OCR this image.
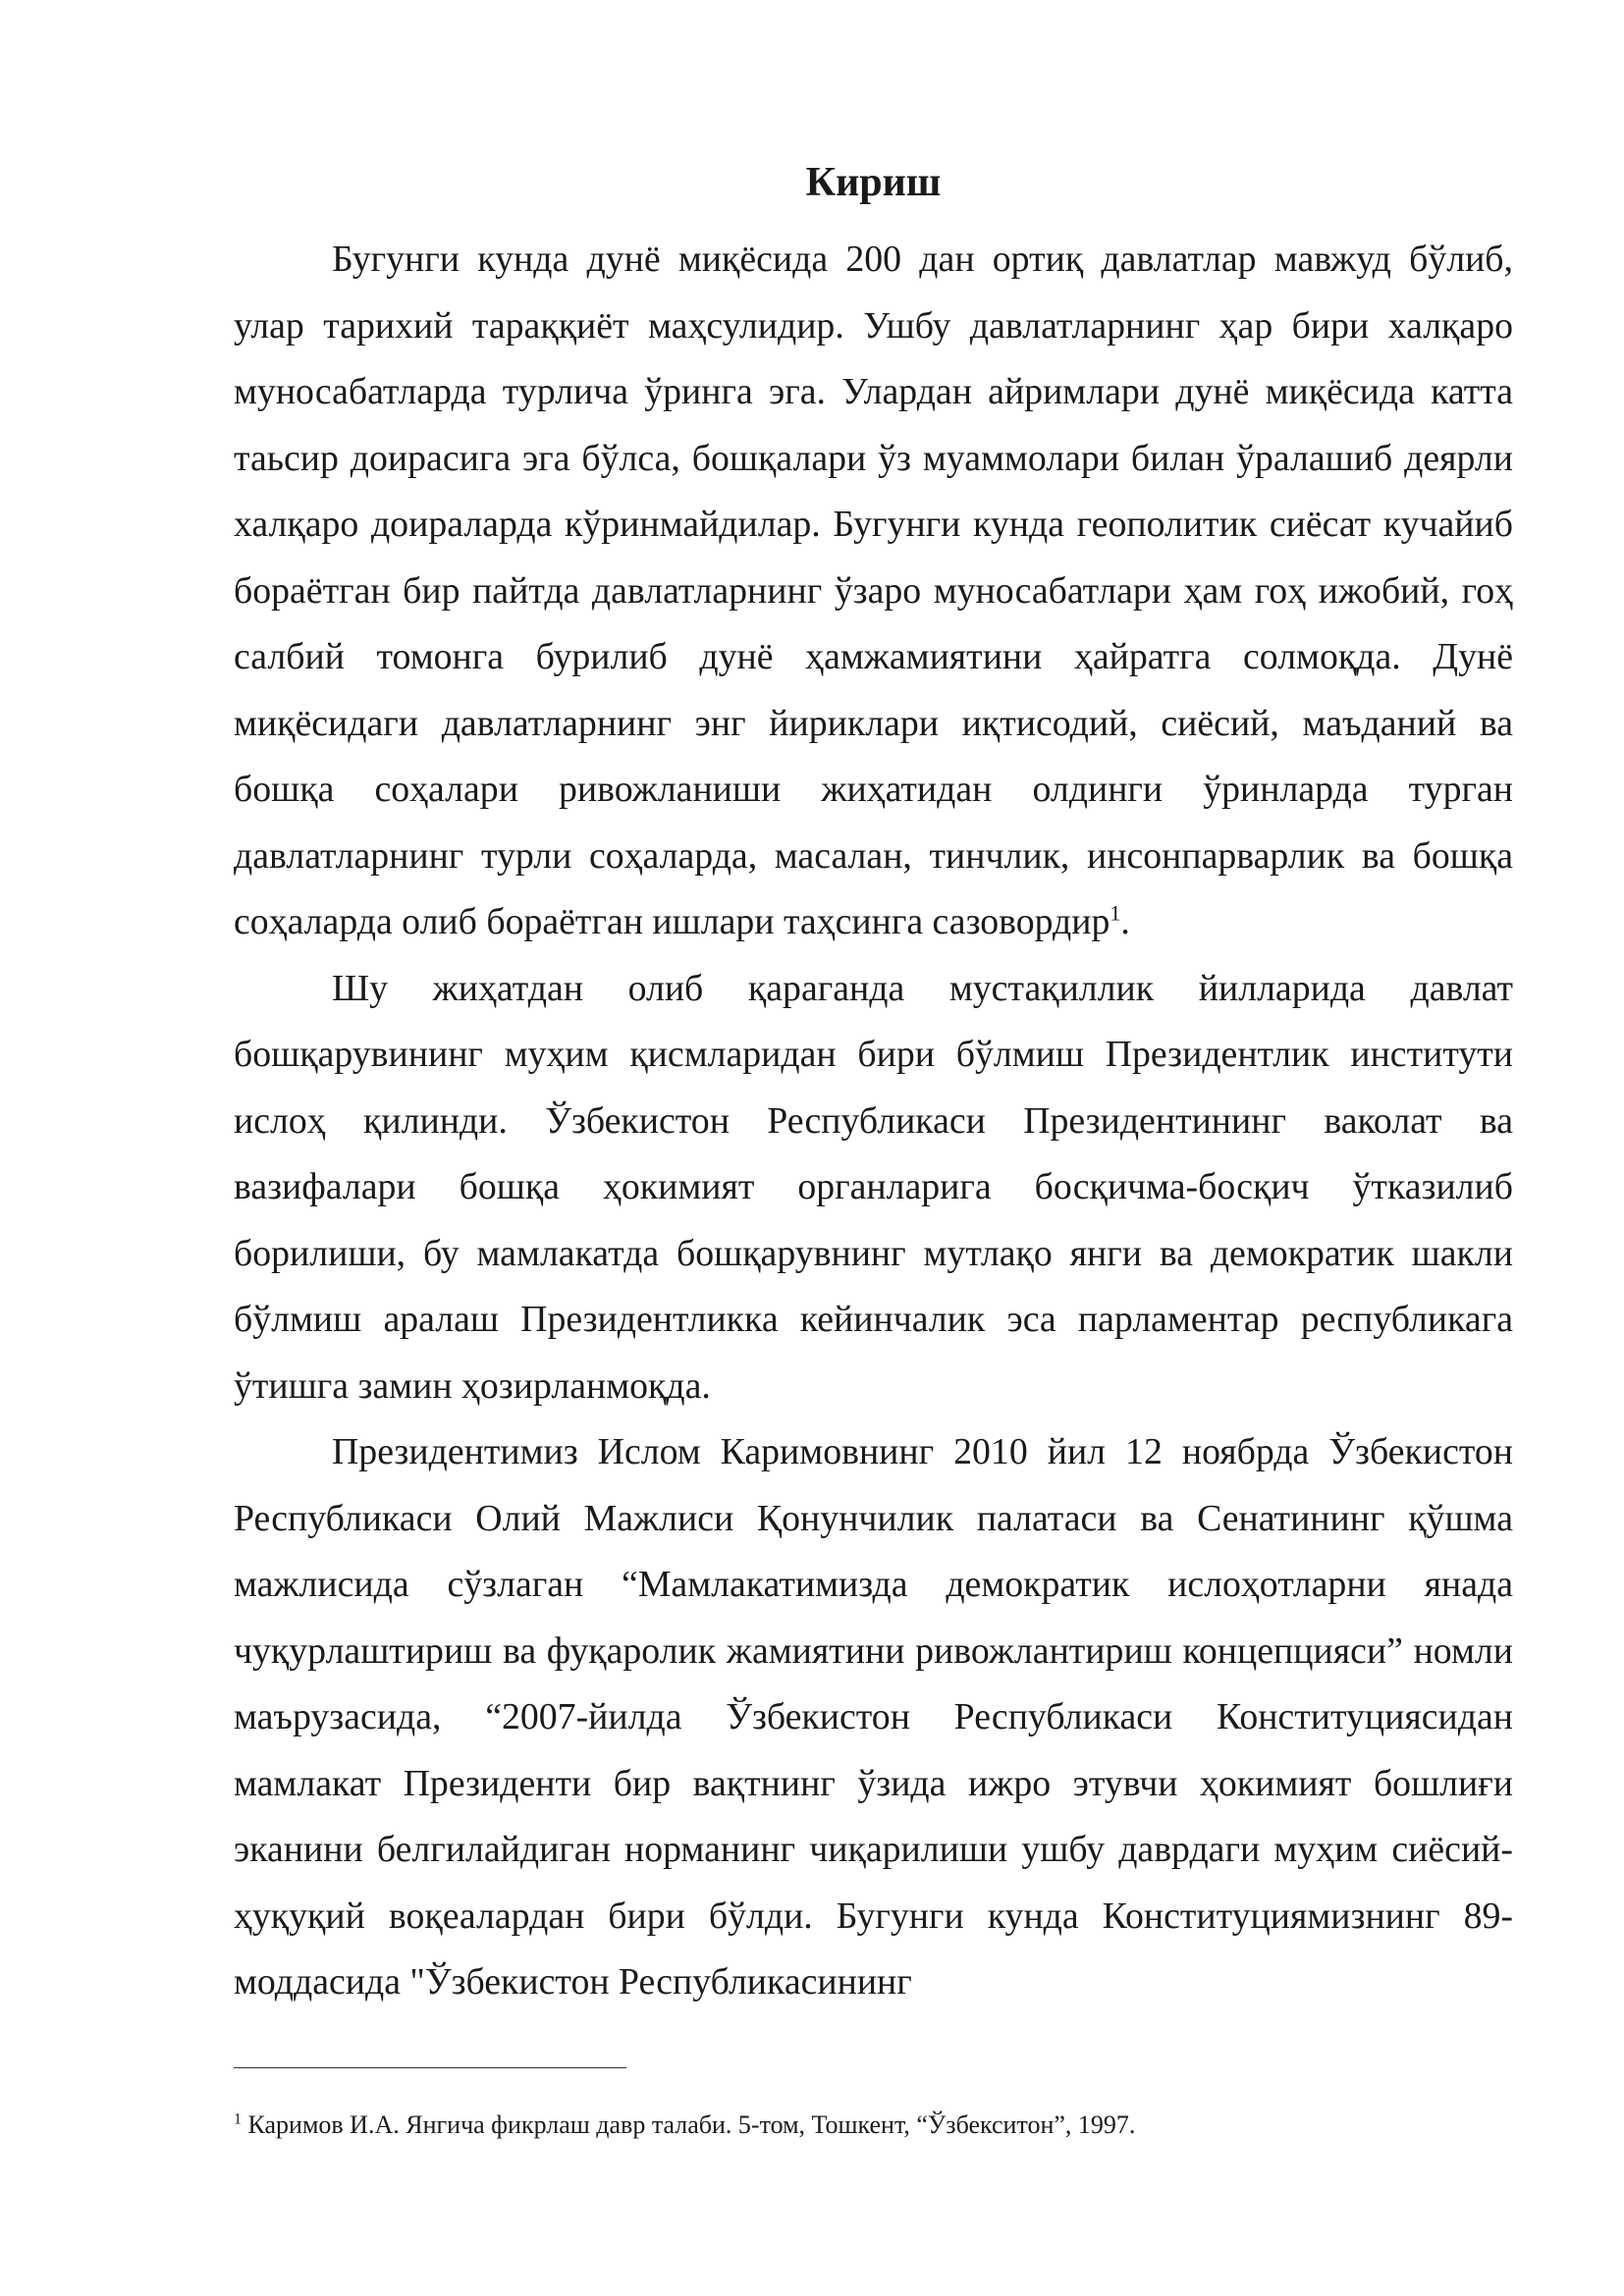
Кириш

Бугунги кунда дунё миқёсида 200 дан ортиқ давлатлар мавжуд бўлиб, улар тарихий тараққиёт маҳсулидир. Ушбу давлатларнинг ҳар бири халқаро муносабатларда турлича ўринга эга. Улардан айримлари дунё миқёсида катта таьсир доирасига эга бўлса, бошқалари ўз муаммолари билан ўралашиб деярли халқаро доираларда кўринмайдилар. Бугунги кунда геополитик сиёсат кучайиб бораётган бир пайтда давлатларнинг ўзаро муносабатлари ҳам гоҳ ижобий, гоҳ салбий томонга бурилиб дунё ҳамжамиятини ҳайратга солмоқда. Дунё миқёсидаги давлатларнинг энг йириклари иқтисодий, сиёсий, маъданий ва бошқа соҳалари ривожланиши жиҳатидан олдинги ўринларда турган давлатларнинг турли соҳаларда, масалан, тинчлик, инсонпарварлик ва бошқа соҳаларда олиб бораётган ишлари таҳсинга сазовордир$^1$.

Шу жиҳатдан олиб қараганда мустақиллик йилларида давлат бошқарувининг муҳим қисмларидан бири бўлмиш Президентлик институти ислоҳ қилинди. Ўзбекистон Республикаси Президентининг ваколат ва вазифалари бошқа ҳокимият органларига босқичма-босқич ўтказилиб борилиши, бу мамлакатда бошқарувнинг мутлақо янги ва демократик шакли бўлмиш аралаш Президентликка кейинчалик эса парламентар республикага ўтишга замин ҳозирланмоқда.

Президентимиз Ислом Каримовнинг 2010 йил 12 ноябрда Ўзбекистон Республикаси Олий Мажлиси Қонунчилик палатаси ва Сенатининг қўшма мажлисида сўзлаган “Мамлакатимизда демократик ислоҳотларни янада чуқурлаштириш ва фуқаролик жамиятини ривожлантириш концепцияси” номли маърузасида, “2007-йилда Ўзбекистон Республикаси Конституциясидан мамлакат Президенти бир вақтнинг ўзида ижро этувчи ҳокимият бошлиғи эканини белгилайдиган норманинг чиқарилиши ушбу даврдаги муҳим сиёсий-ҳуқуқий воқеалардан бири бўлди. Бугунги кунда Конституциямизнинг 89-моддасида "Ўзбекистон Республикасининг

$^1$ Каримов И.А. Янгича фикрлаш давр талаби. 5-том, Тошкент, “Ўзбекситон”, 1997.
